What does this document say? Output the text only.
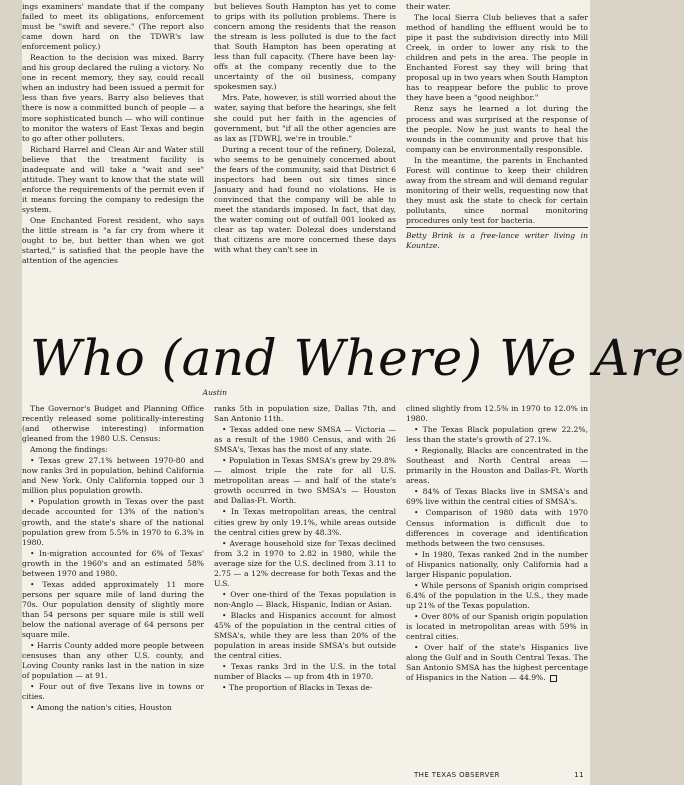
ings examiners' mandate that if the company failed to meet its obligations, enforcement must be "swift and severe." (The report also came down hard on the TDWR's law enforcement policy.)

Reaction to the decision was mixed. Barry and his group declared the ruling a victory. No one in recent memory, they say, could recall when an industry had been issued a permit for less than five years. Barry also believes that there is now a committed bunch of people — a more sophisticated bunch — who will continue to monitor the waters of East Texas and begin to go after other polluters.

Richard Harrel and Clean Air and Water still believe that the treatment facility is inadequate and will take a "wait and see" attitude. They want to know that the state will enforce the requirements of the permit even if it means forcing the company to redesign the system.

One Enchanted Forest resident, who says the little stream is "a far cry from where it ought to be, but better than when we got started," is satisfied that the people have the attention of the agencies

but believes South Hampton has yet to come to grips with its pollution problems. There is concern among the residents that the reason the stream is less polluted is due to the fact that South Hampton has been operating at less than full capacity. (There have been lay-offs at the company recently due to the uncertainty of the oil business, company spokesmen say.)

Mrs. Pate, however, is still worried about the water, saying that before the hearings, she felt she could put her faith in the agencies of government, but "if all the other agencies are as lax as [TDWR], we're in trouble."

During a recent tour of the refinery, Dolezal, who seems to be genuinely concerned about the fears of the community, said that District 6 inspectors had been out six times since January and had found no violations. He is convinced that the company will be able to meet the standards imposed. In fact, that day, the water coming out of outfall 001 looked as clear as tap water. Dolezal does understand that citizens are more concerned these days with what they can't see in

their water.

The local Sierra Club believes that a safer method of handling the effluent would be to pipe it past the subdivision directly into Mill Creek, in order to lower any risk to the children and pets in the area. The people in Enchanted Forest say they will bring that proposal up in two years when South Hampton has to reappear before the public to prove they have been a "good neighbor."

Renz says he learned a lot during the process and was surprised at the response of the people. Now he just wants to heal the wounds in the community and prove that his company can be environmentally responsible.

In the meantime, the parents in Enchanted Forest will continue to keep their children away from the stream and will demand regular monitoring of their wells, requesting now that they must ask the state to check for certain pollutants, since normal monitoring procedures only test for bacteria.

Betty Brink is a free-lance writer living in Kountze.

Who (and Where) We Are
Austin

The Governor's Budget and Planning Office recently released some politically-interesting (and otherwise interesting) information gleaned from the 1980 U.S. Census:

Among the findings:

• Texas grew 27.1% between 1970-80 and now ranks 3rd in population, behind California and New York. Only California topped our 3 million plus population growth.

• Population growth in Texas over the past decade accounted for 13% of the nation's growth, and the state's share of the national population grew from 5.5% in 1970 to 6.3% in 1980.

• In-migration accounted for 6% of Texas' growth in the 1960's and an estimated 58% between 1970 and 1980.

• Texas added approximately 11 more persons per square mile of land during the 70s. Our population density of slightly more than 54 persons per square mile is still well below the national average of 64 persons per square mile.

• Harris County added more people between censuses than any other U.S. county, and Loving County ranks last in the nation in size of population — at 91.

• Four out of five Texans live in towns or cities.

• Among the nation's cities, Houston

ranks 5th in population size, Dallas 7th, and San Antonio 11th.

• Texas added one new SMSA — Victoria — as a result of the 1980 Census, and with 26 SMSA's, Texas has the most of any state.

• Population in Texas SMSA's grew by 29.8% — almost triple the rate for all U.S. metropolitan areas — and half of the state's growth occurred in two SMSA's — Houston and Dallas-Ft. Worth.

• In Texas metropolitan areas, the central cities grew by only 19.1%, while areas outside the central cities grew by 48.3%.

• Average household size for Texas declined from 3.2 in 1970 to 2.82 in 1980, while the average size for the U.S. declined from 3.11 to 2.75 — a 12% decrease for both Texas and the U.S.

• Over one-third of the Texas population is non-Anglo — Black, Hispanic, Indian or Asian.

• Blacks and Hispanics account for almost 45% of the population in the central cities of SMSA's, while they are less than 20% of the population in areas inside SMSA's but outside the central cities.

• Texas ranks 3rd in the U.S. in the total number of Blacks — up from 4th in 1970.

• The proportion of Blacks in Texas de-

clined slightly from 12.5% in 1970 to 12.0% in 1980.

• The Texas Black population grew 22.2%, less than the state's growth of 27.1%.

• Regionally, Blacks are concentrated in the Southeast and North Central areas — primarily in the Houston and Dallas-Ft. Worth areas.

• 84% of Texas Blacks live in SMSA's and 69% live within the central cities of SMSA's.

• Comparison of 1980 data with 1970 Census information is difficult due to differences in coverage and identification methods between the two censuses.

• In 1980, Texas ranked 2nd in the number of Hispanics nationally, only California had a larger Hispanic population.

• While persons of Spanish origin comprised 6.4% of the population in the U.S., they made up 21% of the Texas population.

• Over 80% of our Spanish origin population is located in metropolitan areas with 59% in central cities.

• Over half of the state's Hispanics live along the Gulf and in South Central Texas. The San Antonio SMSA has the highest percentage of Hispanics in the Nation — 44.9%.

THE TEXAS OBSERVER	11
